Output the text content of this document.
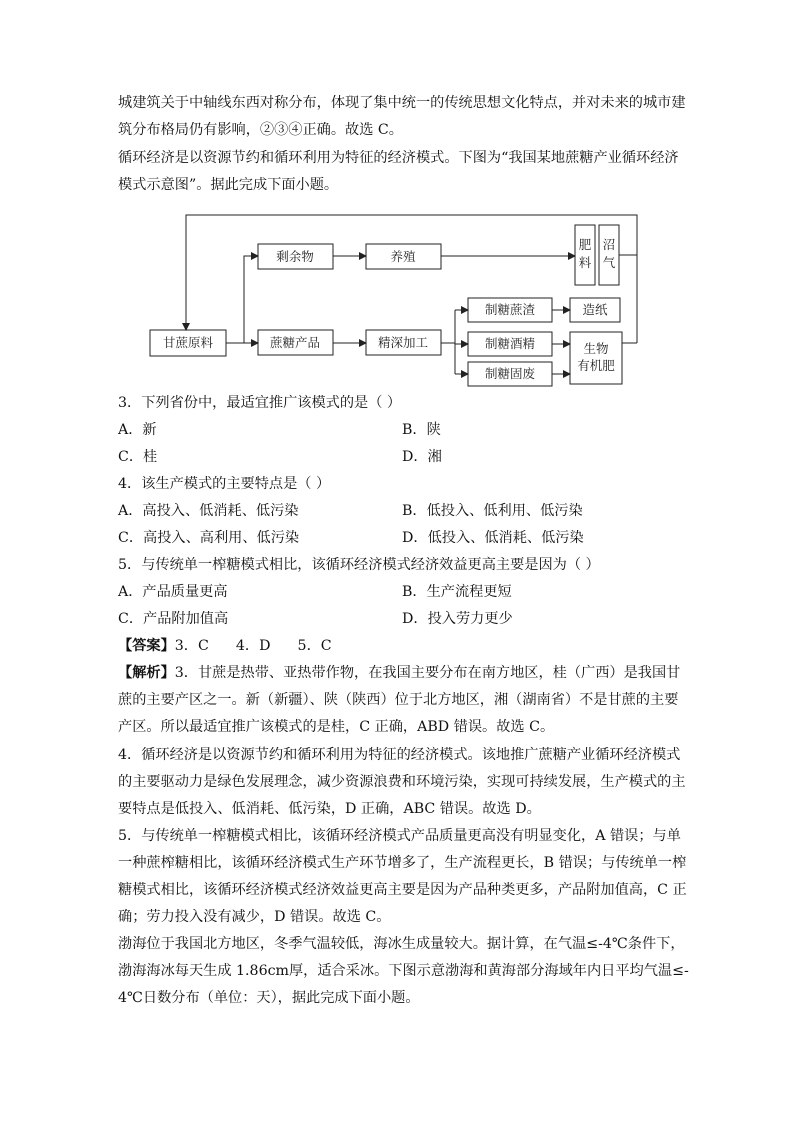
城建筑关于中轴线东西对称分布，体现了集中统一的传统思想文化特点，并对未来的城市建
筑分布格局仍有影响，②③④正确。故选 C。
循环经济是以资源节约和循环利用为特征的经济模式。下图为“我国某地蔗糖产业循环经济
模式示意图”。据此完成下面小题。
甘蔗原料
剩余物	养殖
肥
料
沼
气
蔗糖产品	精深加工
制糖蔗渣	造纸
制糖酒精
制糖固废
生物
有机肥
3．下列省份中，最适宜推广该模式的是（ ）
A．新	B．陕
C．桂	D．湘
4．该生产模式的主要特点是（ ）
A．高投入、低消耗、低污染	B．低投入、低利用、低污染
C．高投入、高利用、低污染	D．低投入、低消耗、低污染
5．与传统单一榨糖模式相比，该循环经济模式经济效益更高主要是因为（ ）
A．产品质量更高	B．生产流程更短
C．产品附加值高	D．投入劳力更少
【答案】3．C      4．D      5．C
【解析】3．甘蔗是热带、亚热带作物，在我国主要分布在南方地区，桂（广西）是我国甘
蔗的主要产区之一。新（新疆）、陕（陕西）位于北方地区，湘（湖南省）不是甘蔗的主要
产区。所以最适宜推广该模式的是桂，C 正确，ABD 错误。故选 C。
4．循环经济是以资源节约和循环利用为特征的经济模式。该地推广蔗糖产业循环经济模式
的主要驱动力是绿色发展理念，减少资源浪费和环境污染，实现可持续发展，生产模式的主
要特点是低投入、低消耗、低污染，D 正确，ABC 错误。故选 D。
5．与传统单一榨糖模式相比，该循环经济模式产品质量更高没有明显变化，A 错误；与单
一种蔗榨糖相比，该循环经济模式生产环节增多了，生产流程更长，B 错误；与传统单一榨
糖模式相比，该循环经济模式经济效益更高主要是因为产品种类更多，产品附加值高，C 正
确；劳力投入没有减少，D 错误。故选 C。
渤海位于我国北方地区，冬季气温较低，海冰生成量较大。据计算，在气温≤-4℃条件下，
渤海海冰每天生成 1.86cm厚，适合采冰。下图示意渤海和黄海部分海域年内日平均气温≤-
4℃日数分布（单位：天），据此完成下面小题。
